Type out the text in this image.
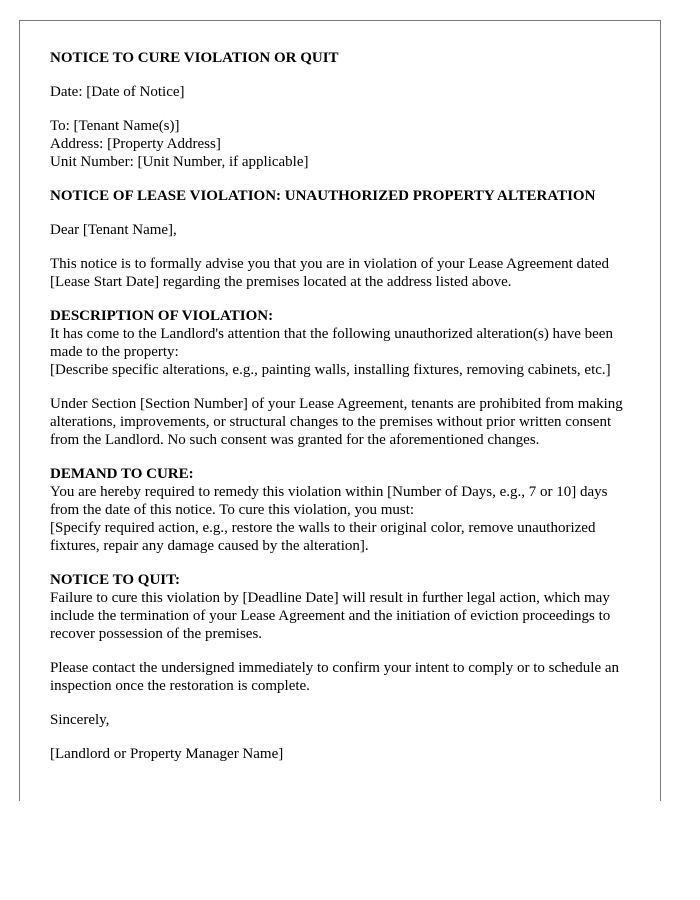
NOTICE TO CURE VIOLATION OR QUIT

Date: [Date of Notice]

To: [Tenant Name(s)]

Address: [Property Address]

Unit Number: [Unit Number, if applicable]

NOTICE OF LEASE VIOLATION: UNAUTHORIZED PROPERTY ALTERATION

Dear [Tenant Name],

This notice is to formally advise you that you are in violation of your Lease Agreement dated [Lease Start Date] regarding the premises located at the address listed above.

DESCRIPTION OF VIOLATION:

It has come to the Landlord's attention that the following unauthorized alteration(s) have been made to the property:

[Describe specific alterations, e.g., painting walls, installing fixtures, removing cabinets, etc.]

Under Section [Section Number] of your Lease Agreement, tenants are prohibited from making alterations, improvements, or structural changes to the premises without prior written consent from the Landlord. No such consent was granted for the aforementioned changes.

DEMAND TO CURE:

You are hereby required to remedy this violation within [Number of Days, e.g., 7 or 10] days from the date of this notice. To cure this violation, you must:

[Specify required action, e.g., restore the walls to their original color, remove unauthorized fixtures, repair any damage caused by the alteration].

NOTICE TO QUIT:

Failure to cure this violation by [Deadline Date] will result in further legal action, which may include the termination of your Lease Agreement and the initiation of eviction proceedings to recover possession of the premises.

Please contact the undersigned immediately to confirm your intent to comply or to schedule an inspection once the restoration is complete.

Sincerely,

[Landlord or Property Manager Name]
